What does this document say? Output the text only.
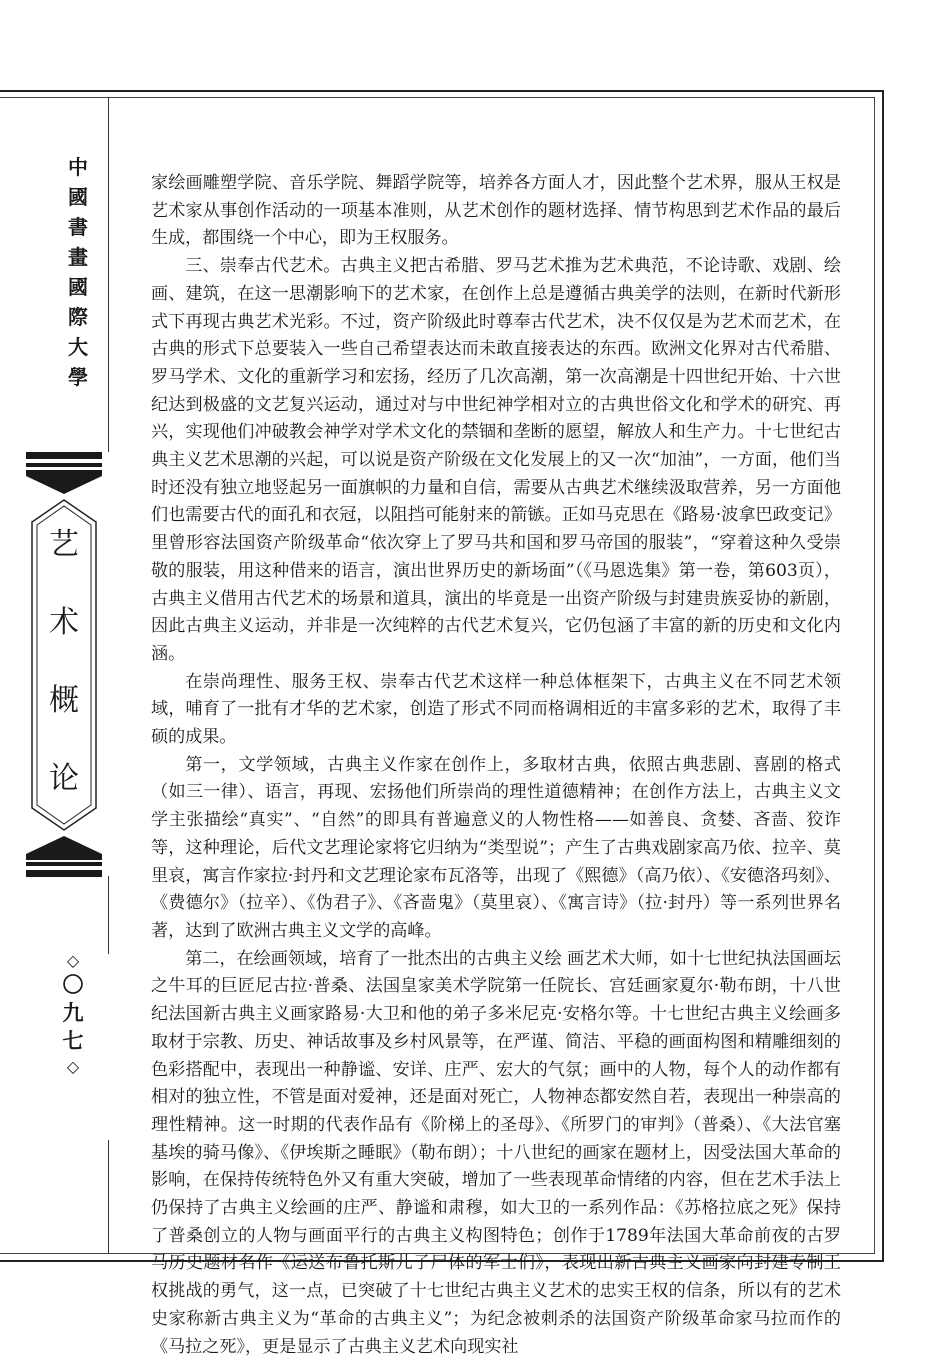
中
國
書
畫
國
際
大
學
艺
术
概
论
◇
〇
九
七
◇

家绘画雕塑学院、音乐学院、舞蹈学院等，培养各方面人才，因此整个艺术界，服从王权是艺术家从事创作活动的一项基本准则，从艺术创作的题材选择、情节构思到艺术作品的最后生成，都围绕一个中心，即为王权服务。

三、崇奉古代艺术。古典主义把古希腊、罗马艺术推为艺术典范，不论诗歌、戏剧、绘画、建筑，在这一思潮影响下的艺术家，在创作上总是遵循古典美学的法则，在新时代新形式下再现古典艺术光彩。不过，资产阶级此时尊奉古代艺术，决不仅仅是为艺术而艺术，在古典的形式下总要装入一些自己希望表达而未敢直接表达的东西。欧洲文化界对古代希腊、罗马学术、文化的重新学习和宏扬，经历了几次高潮，第一次高潮是十四世纪开始、十六世纪达到极盛的文艺复兴运动，通过对与中世纪神学相对立的古典世俗文化和学术的研究、再兴，实现他们冲破教会神学对学术文化的禁锢和垄断的愿望，解放人和生产力。十七世纪古典主义艺术思潮的兴起，可以说是资产阶级在文化发展上的又一次“加油”，一方面，他们当时还没有独立地竖起另一面旗帜的力量和自信，需要从古典艺术继续汲取营养，另一方面他们也需要古代的面孔和衣冠，以阻挡可能射来的箭镞。正如马克思在《路易·波拿巴政变记》里曾形容法国资产阶级革命“依次穿上了罗马共和国和罗马帝国的服装”，“穿着这种久受崇敬的服装，用这种借来的语言，演出世界历史的新场面”（《马恩选集》第一卷，第603页），古典主义借用古代艺术的场景和道具，演出的毕竟是一出资产阶级与封建贵族妥协的新剧，因此古典主义运动，并非是一次纯粹的古代艺术复兴，它仍包涵了丰富的新的历史和文化内涵。

在崇尚理性、服务王权、崇奉古代艺术这样一种总体框架下，古典主义在不同艺术领域，哺育了一批有才华的艺术家，创造了形式不同而格调相近的丰富多彩的艺术，取得了丰硕的成果。

第一，文学领域，古典主义作家在创作上，多取材古典，依照古典悲剧、喜剧的格式（如三一律）、语言，再现、宏扬他们所崇尚的理性道德精神；在创作方法上，古典主义文学主张描绘“真实”、“自然”的即具有普遍意义的人物性格——如善良、贪婪、吝啬、狡诈等，这种理论，后代文艺理论家将它归纳为“类型说”；产生了古典戏剧家高乃依、拉辛、莫里哀，寓言作家拉·封丹和文艺理论家布瓦洛等，出现了《熙德》（高乃依）、《安德洛玛刻》、《费德尔》（拉辛）、《伪君子》、《吝啬鬼》（莫里哀）、《寓言诗》（拉·封丹）等一系列世界名著，达到了欧洲古典主义文学的高峰。

第二，在绘画领域，培育了一批杰出的古典主义绘 画艺术大师，如十七世纪执法国画坛之牛耳的巨匠尼古拉·普桑、法国皇家美术学院第一任院长、宫廷画家夏尔·勒布朗，十八世纪法国新古典主义画家路易·大卫和他的弟子多米尼克·安格尔等。十七世纪古典主义绘画多取材于宗教、历史、神话故事及乡村风景等，在严谨、简洁、平稳的画面构图和精雕细刻的色彩搭配中，表现出一种静谧、安详、庄严、宏大的气氛；画中的人物，每个人的动作都有相对的独立性，不管是面对爱神，还是面对死亡，人物神态都安然自若，表现出一种崇高的理性精神。这一时期的代表作品有《阶梯上的圣母》、《所罗门的审判》（普桑）、《大法官塞基埃的骑马像》、《伊埃斯之睡眠》（勒布朗）；十八世纪的画家在题材上，因受法国大革命的影响，在保持传统特色外又有重大突破，增加了一些表现革命情绪的内容，但在艺术手法上仍保持了古典主义绘画的庄严、静谧和肃穆，如大卫的一系列作品：《苏格拉底之死》保持了普桑创立的人物与画面平行的古典主义构图特色；创作于1789年法国大革命前夜的古罗马历史题材名作《运送布鲁托斯儿子尸体的军士们》，表现出新古典主义画家向封建专制王权挑战的勇气，这一点，已突破了十七世纪古典主义艺术的忠实王权的信条，所以有的艺术史家称新古典主义为“革命的古典主义”；为纪念被刺杀的法国资产阶级革命家马拉而作的《马拉之死》，更是显示了古典主义艺术向现实社
